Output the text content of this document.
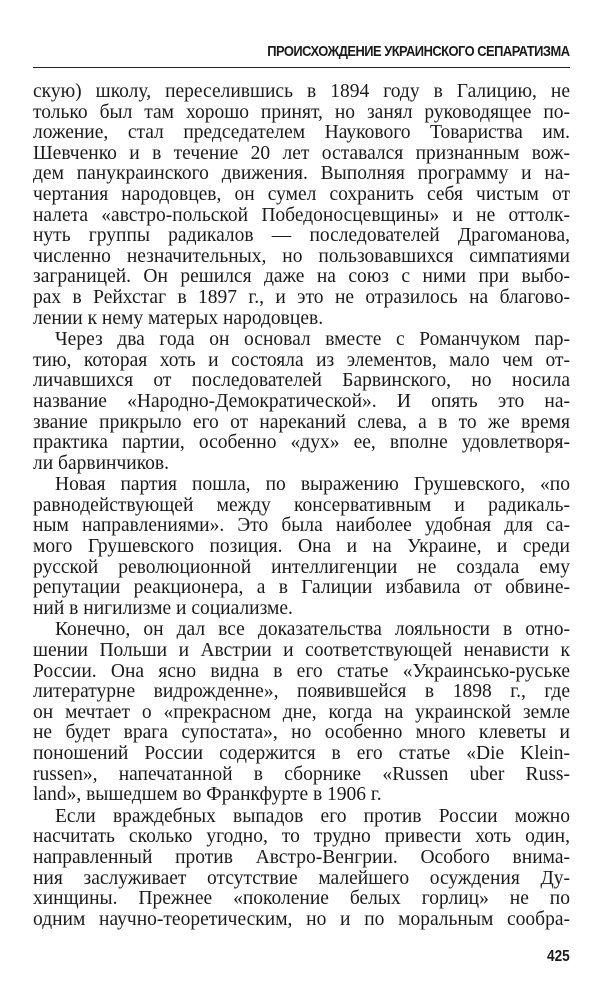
ПРОИСХОЖДЕНИЕ УКРАИНСКОГО СЕПАРАТИЗМА
скую) школу, переселившись в 1894 году в Галицию, не
только был там хорошо принят, но занял руководящее по-
ложение, стал председателем Наукового Товариства им.
Шевченко и в течение 20 лет оставался признанным вож-
дем панукраинского движения. Выполняя программу и на-
чертания народовцев, он сумел сохранить себя чистым от
налета «австро-польской Победоносцевщины» и не оттолк-
нуть группы радикалов — последователей Драгоманова,
численно незначительных, но пользовавшихся симпатиями
заграницей. Он решился даже на союз с ними при выбо-
рах в Рейхстаг в 1897 г., и это не отразилось на благово-
лении к нему матерых народовцев.
Через два года он основал вместе с Романчуком пар-
тию, которая хоть и состояла из элементов, мало чем от-
личавшихся от последователей Барвинского, но носила
название «Народно-Демократической». И опять это на-
звание прикрыло его от нареканий слева, а в то же время
практика партии, особенно «дух» ее, вполне удовлетворя-
ли барвинчиков.
Новая партия пошла, по выражению Грушевского, «по
равнодействующей между консервативным и радикаль-
ным направлениями». Это была наиболее удобная для са-
мого Грушевского позиция. Она и на Украине, и среди
русской революционной интеллигенции не создала ему
репутации реакционера, а в Галиции избавила от обвине-
ний в нигилизме и социализме.
Конечно, он дал все доказательства лояльности в отно-
шении Польши и Австрии и соответствующей ненависти к
России. Она ясно видна в его статье «Украинсько-руське
литературне видрожденне», появившейся в 1898 г., где
он мечтает о «прекрасном дне, когда на украинской земле
не будет врага супостата», но особенно много клеветы и
поношений России содержится в его статье «Die Klein-
russen», напечатанной в сборнике «Russen uber Russ-
land», вышедшем во Франкфурте в 1906 г.
Если враждебных выпадов его против России можно
насчитать сколько угодно, то трудно привести хоть один,
направленный против Австро-Венгрии. Особого внима-
ния заслуживает отсутствие малейшего осуждения Ду-
хинщины. Прежнее «поколение белых горлиц» не по
одним научно-теоретическим, но и по моральным сообра-
425
